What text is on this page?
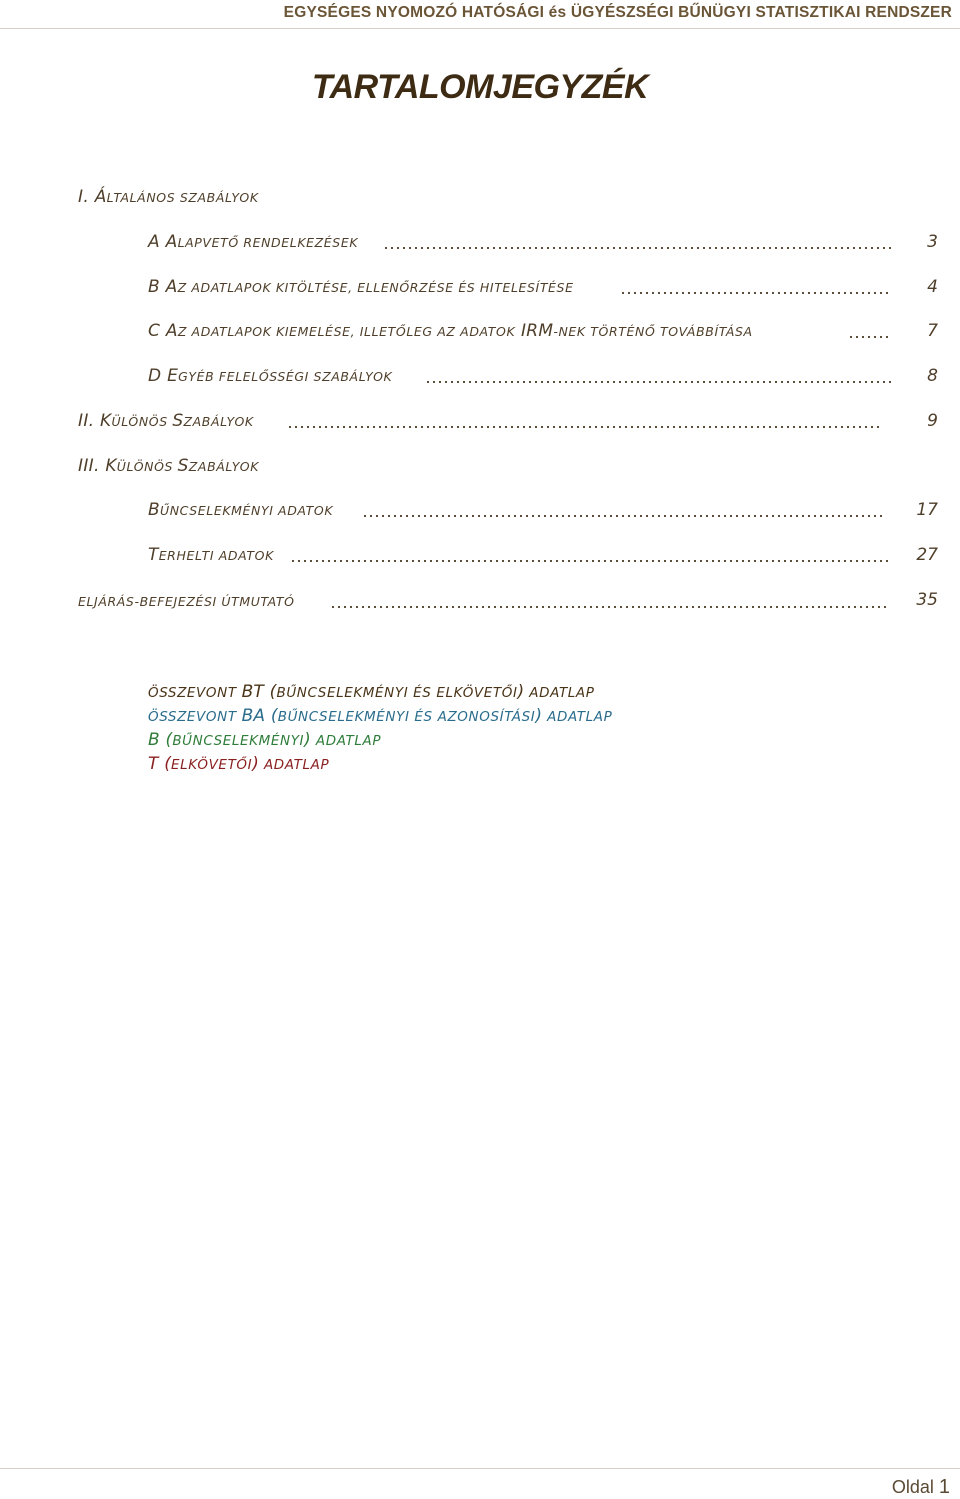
EGYSÉGES NYOMOZÓ HATÓSÁGI és ÜGYÉSZSÉGI BŰNÜGYI STATISZTIKAI RENDSZER
TARTALOMJEGYZÉK
I. ÁLTALÁNOS SZABÁLYOK
A ALAPVETŐ RENDELKEZÉSEK	3
B AZ ADATLAPOK KITÖLTÉSE, ELLENŐRZÉSE ÉS HITELESÍTÉSE	4
C AZ ADATLAPOK KIEMELÉSE, ILLETŐLEG AZ ADATOK IRM-NEK TÖRTÉNŐ TOVÁBBÍTÁSA	7
D EGYÉB FELELŐSSÉGI SZABÁLYOK	8
II. KÜLÖNÖS SZABÁLYOK	9
III. KÜLÖNÖS SZABÁLYOK
BŰNCSELEKMÉNYI ADATOK	17
TERHELTI ADATOK	27
ELJÁRÁS-BEFEJEZÉSI ÚTMUTATÓ	35
ÖSSZEVONT BT (BŰNCSELEKMÉNYI ÉS ELKÖVETŐI) ADATLAP
ÖSSZEVONT BA (BŰNCSELEKMÉNYI ÉS AZONOSÍTÁSI) ADATLAP
B (BŰNCSELEKMÉNYI) ADATLAP
T (ELKÖVETŐI) ADATLAP
Oldal 1
